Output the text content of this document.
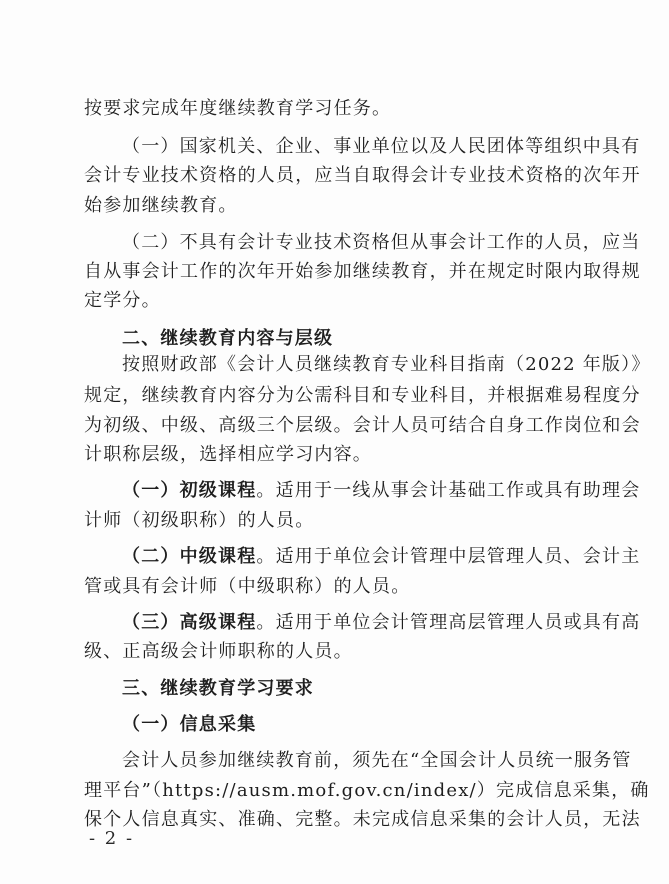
按要求完成年度继续教育学习任务。
（一）国家机关、企业、事业单位以及人民团体等组织中具有
会计专业技术资格的人员，应当自取得会计专业技术资格的次年开
始参加继续教育。
（二）不具有会计专业技术资格但从事会计工作的人员，应当
自从事会计工作的次年开始参加继续教育，并在规定时限内取得规
定学分。
二、继续教育内容与层级
按照财政部《会计人员继续教育专业科目指南（2022 年版）》
规定，继续教育内容分为公需科目和专业科目，并根据难易程度分
为初级、中级、高级三个层级。会计人员可结合自身工作岗位和会
计职称层级，选择相应学习内容。
（一）初级课程。适用于一线从事会计基础工作或具有助理会
计师（初级职称）的人员。
（二）中级课程。适用于单位会计管理中层管理人员、会计主
管或具有会计师（中级职称）的人员。
（三）高级课程。适用于单位会计管理高层管理人员或具有高
级、正高级会计师职称的人员。
三、继续教育学习要求
（一）信息采集
会计人员参加继续教育前，须先在“全国会计人员统一服务管
理平台”（https://ausm.mof.gov.cn/index/）完成信息采集，确
保个人信息真实、准确、完整。未完成信息采集的会计人员，无法
- 2 -
